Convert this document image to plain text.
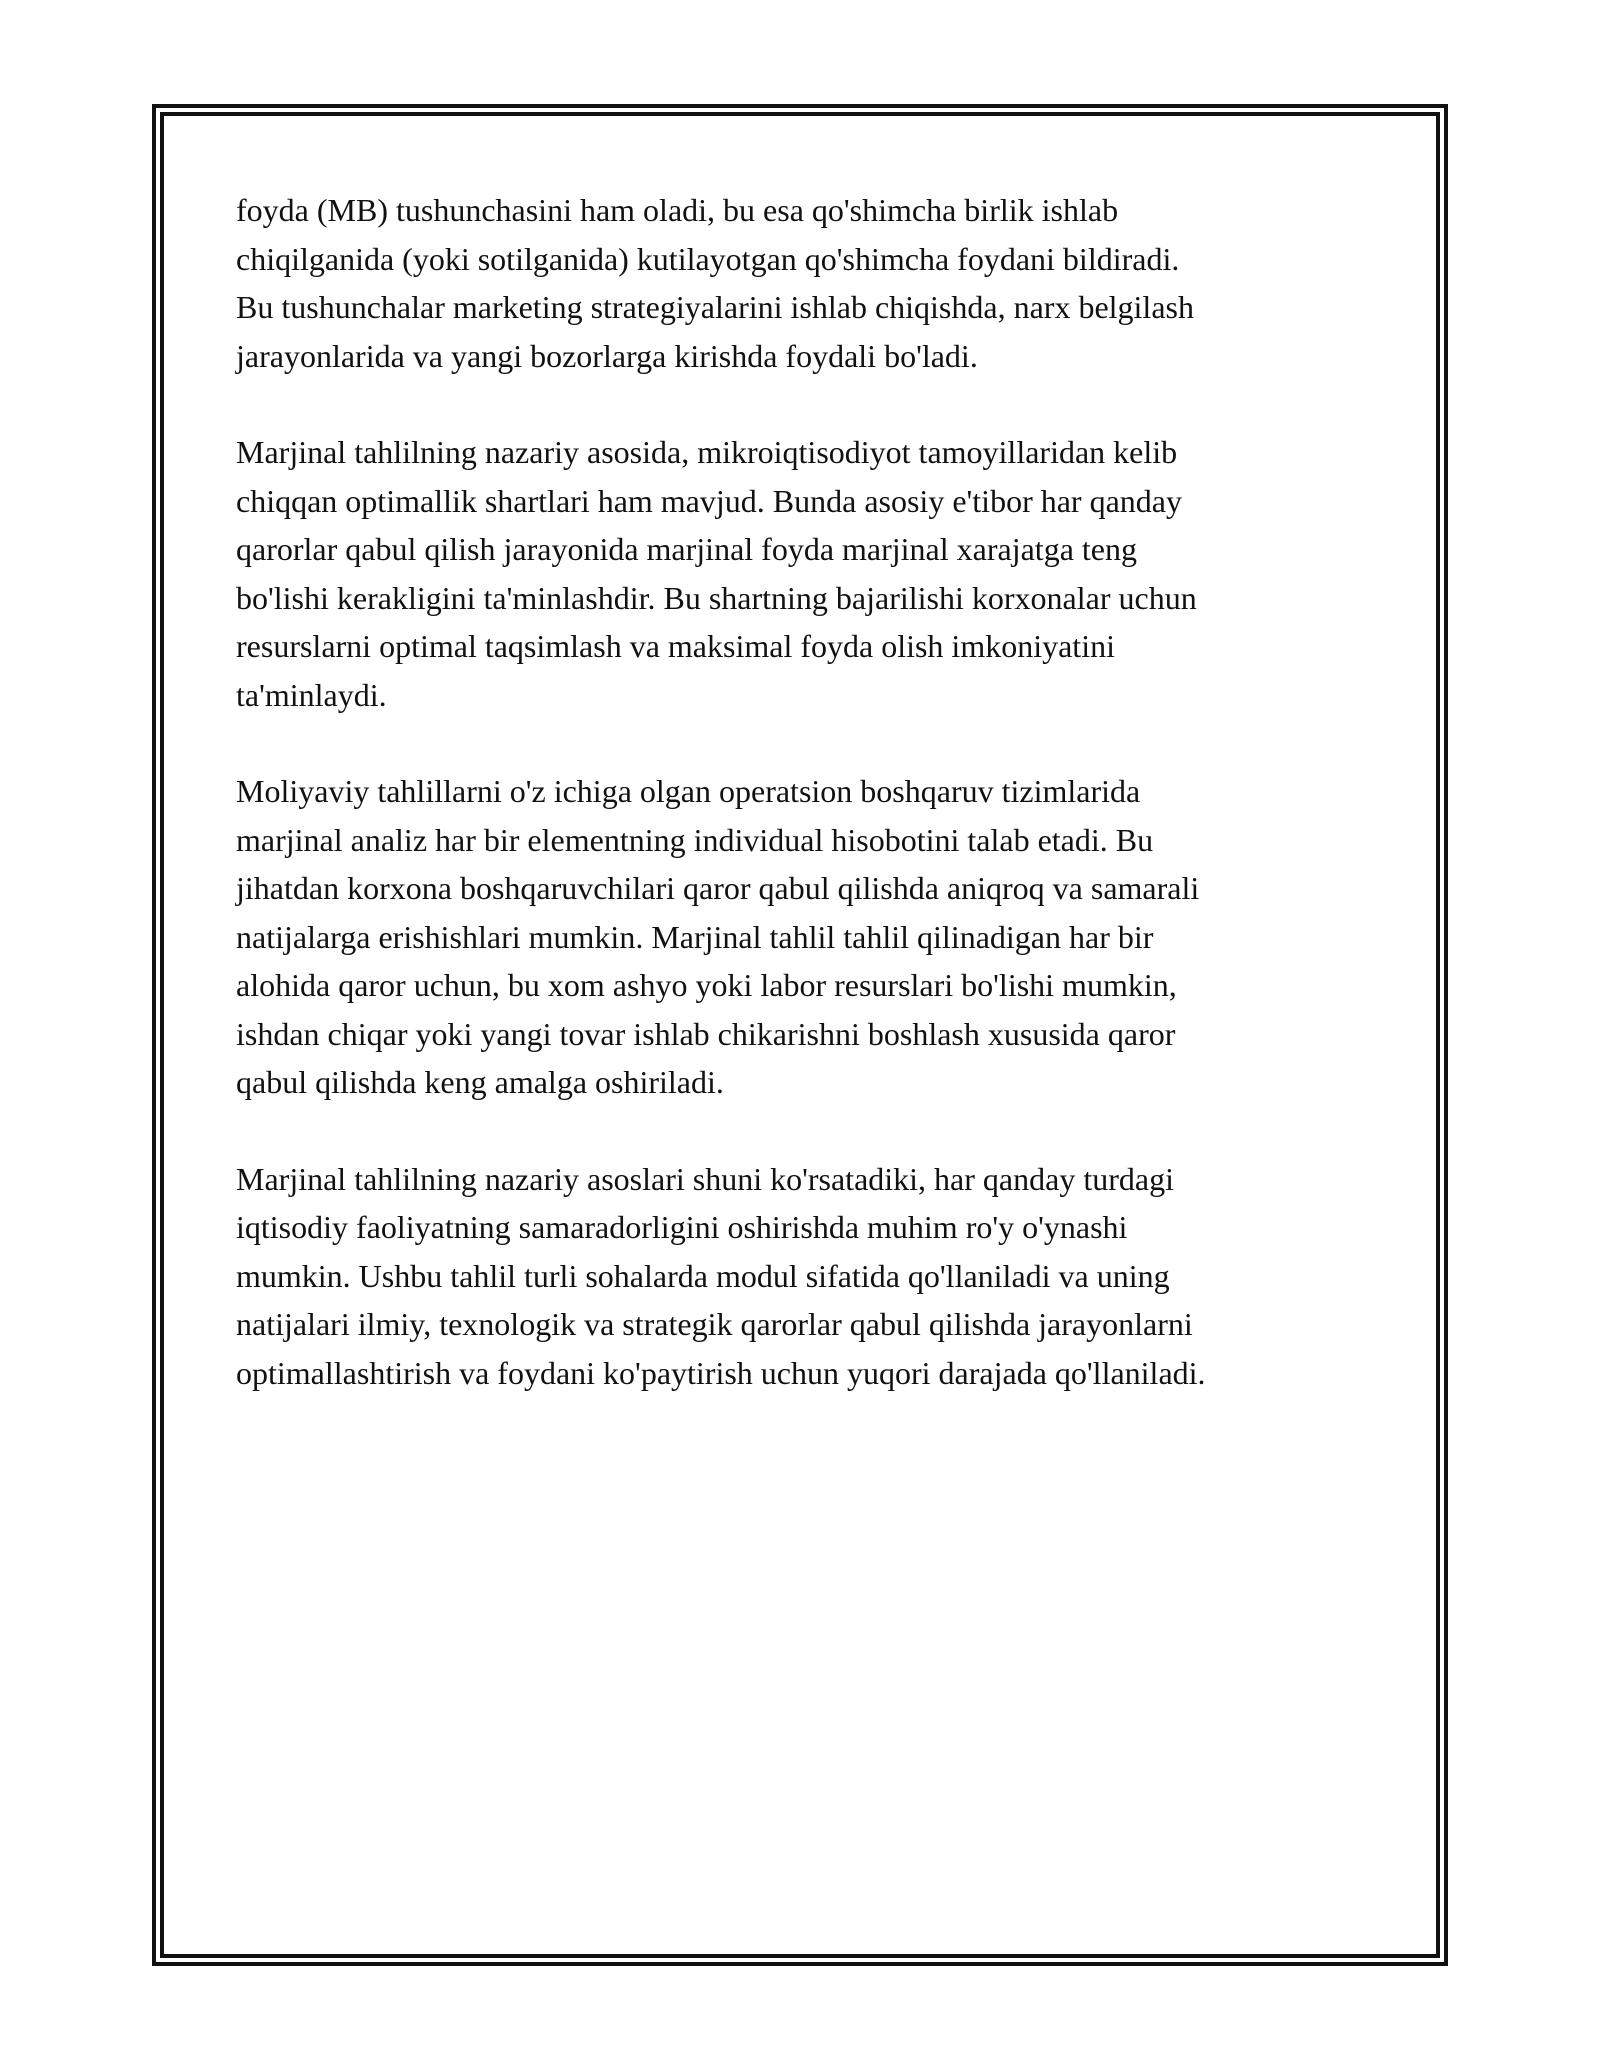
foyda (MB) tushunchasini ham oladi, bu esa qo'shimcha birlik ishlab
chiqilganida (yoki sotilganida) kutilayotgan qo'shimcha foydani bildiradi.
Bu tushunchalar marketing strategiyalarini ishlab chiqishda, narx belgilash
jarayonlarida va yangi bozorlarga kirishda foydali bo'ladi.

Marjinal tahlilning nazariy asosida, mikroiqtisodiyot tamoyillaridan kelib
chiqqan optimallik shartlari ham mavjud. Bunda asosiy e'tibor har qanday
qarorlar qabul qilish jarayonida marjinal foyda marjinal xarajatga teng
bo'lishi kerakligini ta'minlashdir. Bu shartning bajarilishi korxonalar uchun
resurslarni optimal taqsimlash va maksimal foyda olish imkoniyatini
ta'minlaydi.

Moliyaviy tahlillarni o'z ichiga olgan operatsion boshqaruv tizimlarida
marjinal analiz har bir elementning individual hisobotini talab etadi. Bu
jihatdan korxona boshqaruvchilari qaror qabul qilishda aniqroq va samarali
natijalarga erishishlari mumkin. Marjinal tahlil tahlil qilinadigan har bir
alohida qaror uchun, bu xom ashyo yoki labor resurslari bo'lishi mumkin,
ishdan chiqar yoki yangi tovar ishlab chikarishni boshlash xususida qaror
qabul qilishda keng amalga oshiriladi.

Marjinal tahlilning nazariy asoslari shuni ko'rsatadiki, har qanday turdagi
iqtisodiy faoliyatning samaradorligini oshirishda muhim ro'y o'ynashi
mumkin. Ushbu tahlil turli sohalarda modul sifatida qo'llaniladi va uning
natijalari ilmiy, texnologik va strategik qarorlar qabul qilishda jarayonlarni
optimallashtirish va foydani ko'paytirish uchun yuqori darajada qo'llaniladi.
